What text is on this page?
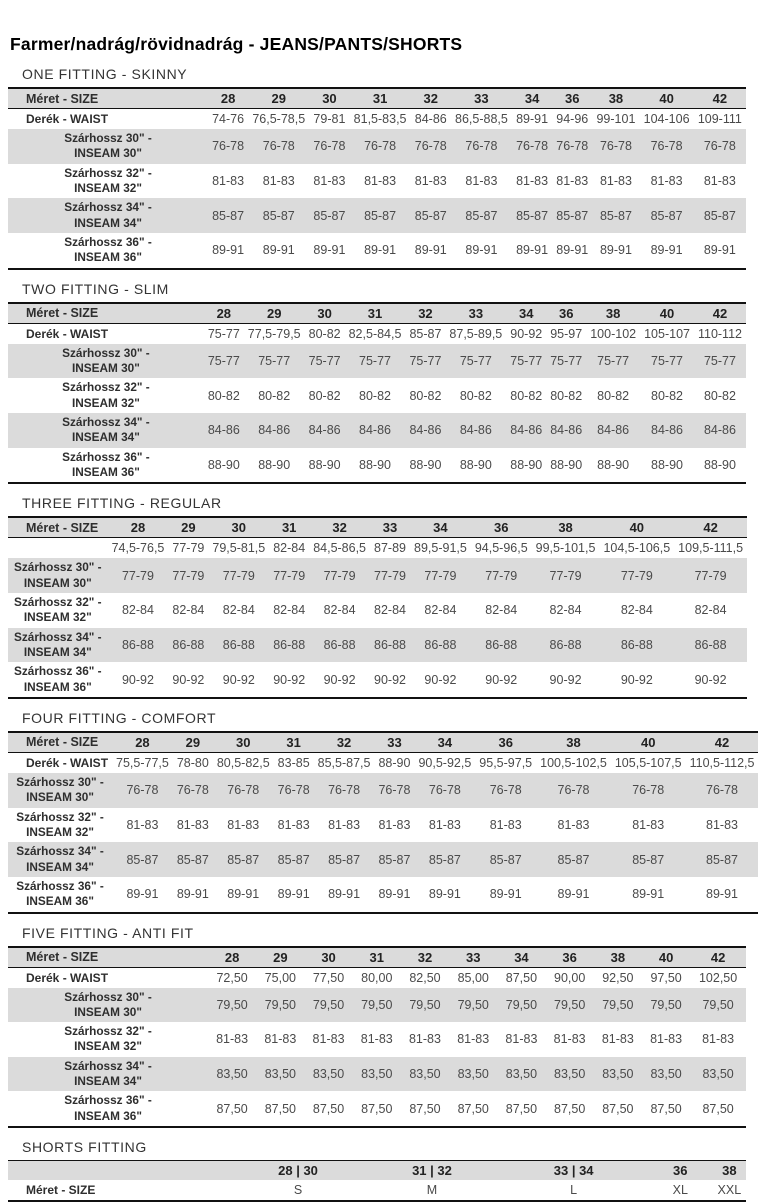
Farmer/nadrág/rövidnadrág - JEANS/PANTS/SHORTS
ONE FITTING - SKINNY
Méret - SIZE	28	29	30	31	32	33	34	36	38	40	42
Derék - WAIST	74-76	76,5-78,5	79-81	81,5-83,5	84-86	86,5-88,5	89-91	94-96	99-101	104-106	109-111

Szárhossz 30" -
INSEAM 30"	76-78	76-78	76-78	76-78	76-78	76-78	76-78	76-78	76-78	76-78	76-78

Szárhossz 32" -
INSEAM 32"	81-83	81-83	81-83	81-83	81-83	81-83	81-83	81-83	81-83	81-83	81-83

Szárhossz 34" -
INSEAM 34"	85-87	85-87	85-87	85-87	85-87	85-87	85-87	85-87	85-87	85-87	85-87

Szárhossz 36" -
INSEAM 36"	89-91	89-91	89-91	89-91	89-91	89-91	89-91	89-91	89-91	89-91	89-91
TWO FITTING - SLIM
Méret - SIZE	28	29	30	31	32	33	34	36	38	40	42
Derék - WAIST	75-77	77,5-79,5	80-82	82,5-84,5	85-87	87,5-89,5	90-92	95-97	100-102	105-107	110-112

Szárhossz 30" -
INSEAM 30"	75-77	75-77	75-77	75-77	75-77	75-77	75-77	75-77	75-77	75-77	75-77

Szárhossz 32" -
INSEAM 32"	80-82	80-82	80-82	80-82	80-82	80-82	80-82	80-82	80-82	80-82	80-82

Szárhossz 34" -
INSEAM 34"	84-86	84-86	84-86	84-86	84-86	84-86	84-86	84-86	84-86	84-86	84-86

Szárhossz 36" -
INSEAM 36"	88-90	88-90	88-90	88-90	88-90	88-90	88-90	88-90	88-90	88-90	88-90
THREE FITTING - REGULAR
Méret - SIZE	28	29	30	31	32	33	34	36	38	40	42
	74,5-76,5	77-79	79,5-81,5	82-84	84,5-86,5	87-89	89,5-91,5	94,5-96,5	99,5-101,5	104,5-106,5	109,5-111,5

Szárhossz 30" -
INSEAM 30"	77-79	77-79	77-79	77-79	77-79	77-79	77-79	77-79	77-79	77-79	77-79

Szárhossz 32" -
INSEAM 32"	82-84	82-84	82-84	82-84	82-84	82-84	82-84	82-84	82-84	82-84	82-84

Szárhossz 34" -
INSEAM 34"	86-88	86-88	86-88	86-88	86-88	86-88	86-88	86-88	86-88	86-88	86-88

Szárhossz 36" -
INSEAM 36"	90-92	90-92	90-92	90-92	90-92	90-92	90-92	90-92	90-92	90-92	90-92
FOUR FITTING - COMFORT
Méret - SIZE	28	29	30	31	32	33	34	36	38	40	42
Derék - WAIST	75,5-77,5	78-80	80,5-82,5	83-85	85,5-87,5	88-90	90,5-92,5	95,5-97,5	100,5-102,5	105,5-107,5	110,5-112,5

Szárhossz 30" -
INSEAM 30"	76-78	76-78	76-78	76-78	76-78	76-78	76-78	76-78	76-78	76-78	76-78

Szárhossz 32" -
INSEAM 32"	81-83	81-83	81-83	81-83	81-83	81-83	81-83	81-83	81-83	81-83	81-83

Szárhossz 34" -
INSEAM 34"	85-87	85-87	85-87	85-87	85-87	85-87	85-87	85-87	85-87	85-87	85-87

Szárhossz 36" -
INSEAM 36"	89-91	89-91	89-91	89-91	89-91	89-91	89-91	89-91	89-91	89-91	89-91
FIVE FITTING - ANTI FIT
Méret - SIZE	28	29	30	31	32	33	34	36	38	40	42
Derék - WAIST	72,50	75,00	77,50	80,00	82,50	85,00	87,50	90,00	92,50	97,50	102,50

Szárhossz 30" -
INSEAM 30"	79,50	79,50	79,50	79,50	79,50	79,50	79,50	79,50	79,50	79,50	79,50

Szárhossz 32" -
INSEAM 32"	81-83	81-83	81-83	81-83	81-83	81-83	81-83	81-83	81-83	81-83	81-83

Szárhossz 34" -
INSEAM 34"	83,50	83,50	83,50	83,50	83,50	83,50	83,50	83,50	83,50	83,50	83,50

Szárhossz 36" -
INSEAM 36"	87,50	87,50	87,50	87,50	87,50	87,50	87,50	87,50	87,50	87,50	87,50
SHORTS FITTING
	28 | 30	31 | 32	33 | 34	36	38
Méret - SIZE	S	M	L	XL	XXL
